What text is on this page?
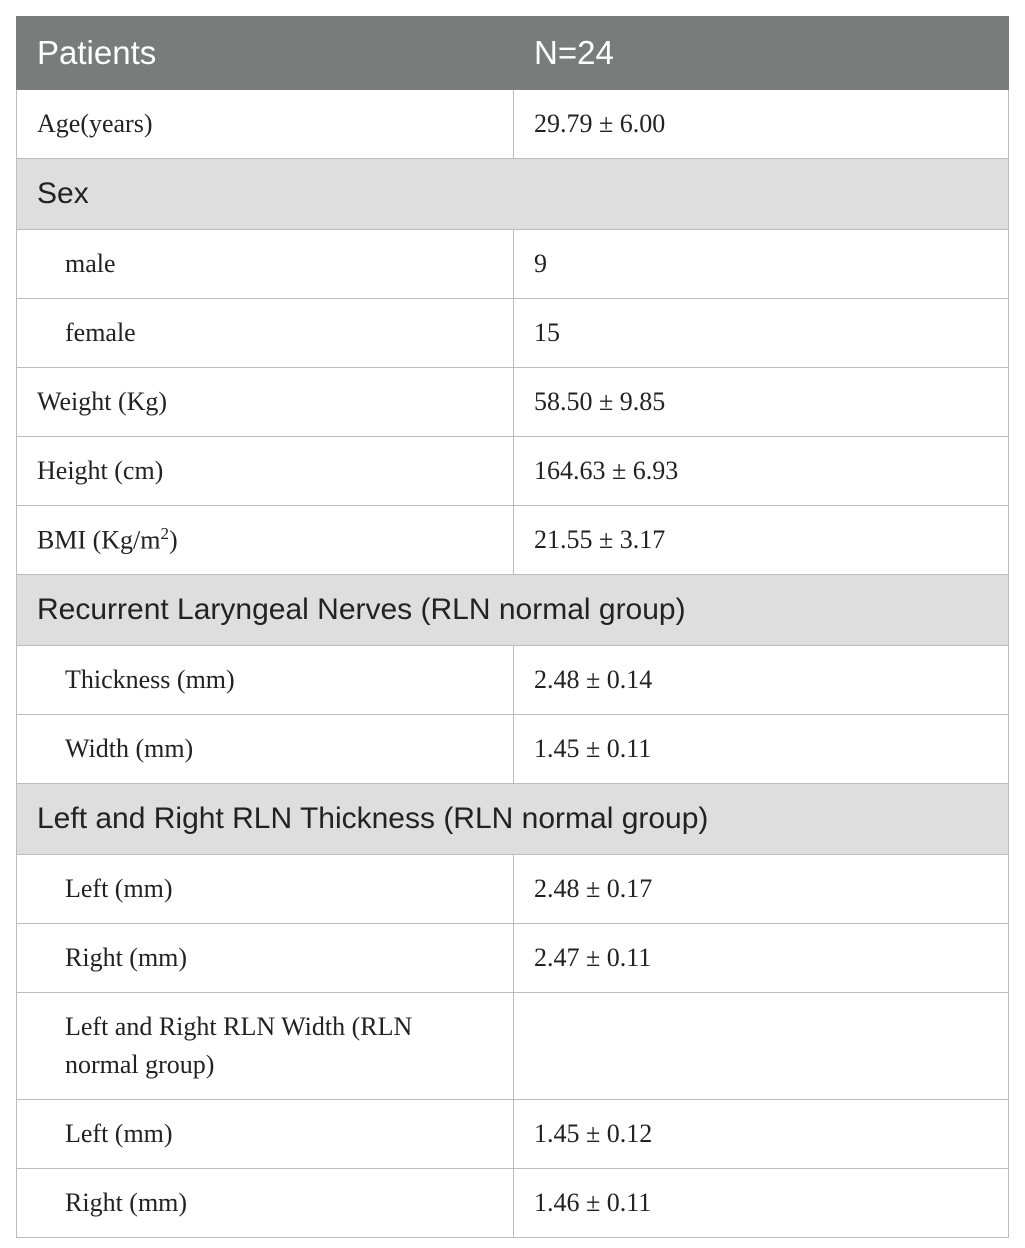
Patients	N=24
Age(years)	29.79 ± 6.00
Sex	
male	9
female	15
Weight (Kg)	58.50 ± 9.85
Height (cm)	164.63 ± 6.93
BMI $(Kg/m^2)$	21.55 ± 3.17
Recurrent Laryngeal Nerves (RLN normal group)	
Thickness (mm)	2.48 ± 0.14
Width (mm)	1.45 ± 0.11
Left and Right RLN Thickness (RLN normal group)	
Left (mm)	2.48 ± 0.17
Right (mm)	2.47 ± 0.11
Left and Right RLN Width (RLN normal group)	
Left (mm)	1.45 ± 0.12
Right (mm)	1.46 ± 0.11
